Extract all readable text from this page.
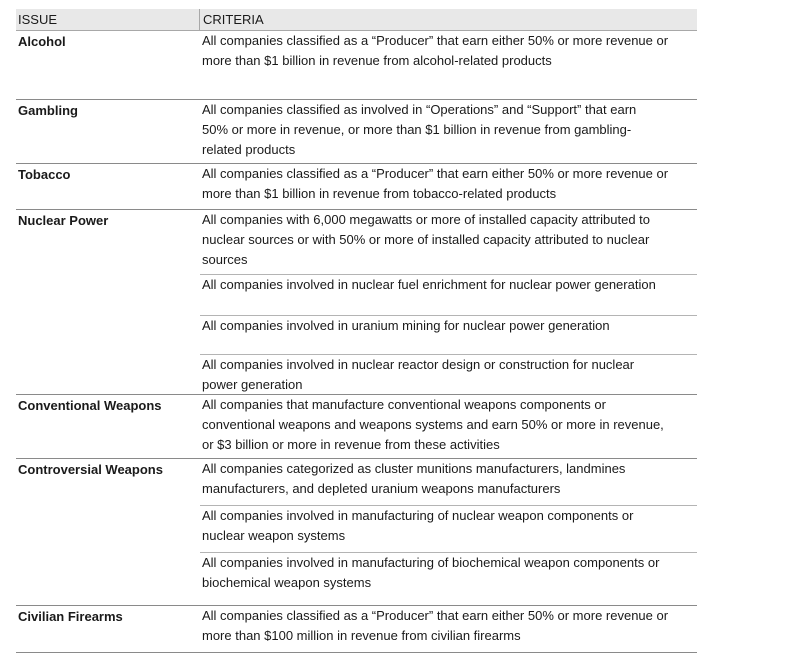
ISSUE	CRITERIA
Alcohol	All companies classified as a “Producer” that earn either 50% or more revenue or
more than $1 billion in revenue from alcohol-related products
Gambling	All companies classified as involved in “Operations” and “Support” that earn
50% or more in revenue, or more than $1 billion in revenue from gambling-
related products
Tobacco	All companies classified as a “Producer” that earn either 50% or more revenue or
more than $1 billion in revenue from tobacco-related products
Nuclear Power	All companies with 6,000 megawatts or more of installed capacity attributed to
nuclear sources or with 50% or more of installed capacity attributed to nuclear
sources
All companies involved in nuclear fuel enrichment for nuclear power generation
All companies involved in uranium mining for nuclear power generation
All companies involved in nuclear reactor design or construction for nuclear
power generation
Conventional Weapons	All companies that manufacture conventional weapons components or
conventional weapons and weapons systems and earn 50% or more in revenue,
or $3 billion or more in revenue from these activities
Controversial Weapons	All companies categorized as cluster munitions manufacturers, landmines
manufacturers, and depleted uranium weapons manufacturers
All companies involved in manufacturing of nuclear weapon components or
nuclear weapon systems
All companies involved in manufacturing of biochemical weapon components or
biochemical weapon systems
Civilian Firearms	All companies classified as a “Producer” that earn either 50% or more revenue or
more than $100 million in revenue from civilian firearms
